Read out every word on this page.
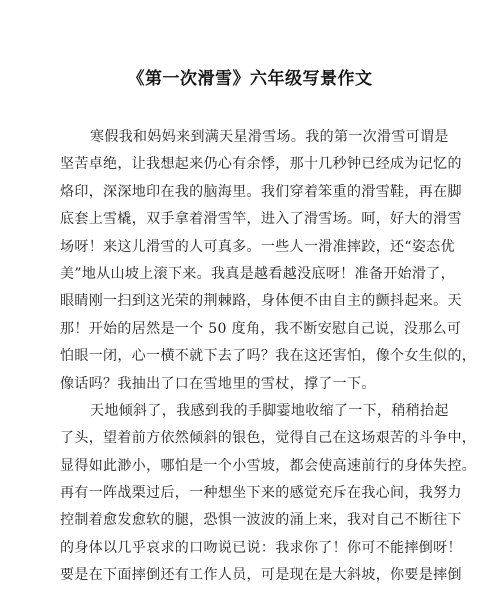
《第一次滑雪》六年级写景作文
寒假我和妈妈来到满天星滑雪场。我的第一次滑雪可谓是
坚苦卓绝，让我想起来仍心有余悸，那十几秒钟已经成为记忆的
烙印，深深地印在我的脑海里。我们穿着笨重的滑雪鞋，再在脚
底套上雪橇，双手拿着滑雪竿，进入了滑雪场。呵，好大的滑雪
场呀！来这儿滑雪的人可真多。一些人一滑准摔跤，还“姿态优
美”地从山坡上滚下来。我真是越看越没底呀！准备开始滑了，
眼睛刚一扫到这光荣的荆棘路，身体便不由自主的颤抖起来。天
那！开始的居然是一个 50 度角，我不断安慰自己说，没那么可
怕眼一闭，心一横不就下去了吗？我在这还害怕，像个女生似的，
像话吗？我抽出了口在雪地里的雪杖，撑了一下。
天地倾斜了，我感到我的手脚霎地收缩了一下，稍稍抬起
了头，望着前方依然倾斜的银色，觉得自己在这场艰苦的斗争中，
显得如此渺小，哪怕是一个小雪坡，都会使高速前行的身体失控。
再有一阵战栗过后，一种想坐下来的感觉充斥在我心间，我努力
控制着愈发愈软的腿，恐惧一波波的涌上来，我对自己不断往下
的身体以几乎哀求的口吻说已说：我求你了！你可不能摔倒呀！
要是在下面摔倒还有工作人员，可是现在是大斜坡，你要是摔倒
